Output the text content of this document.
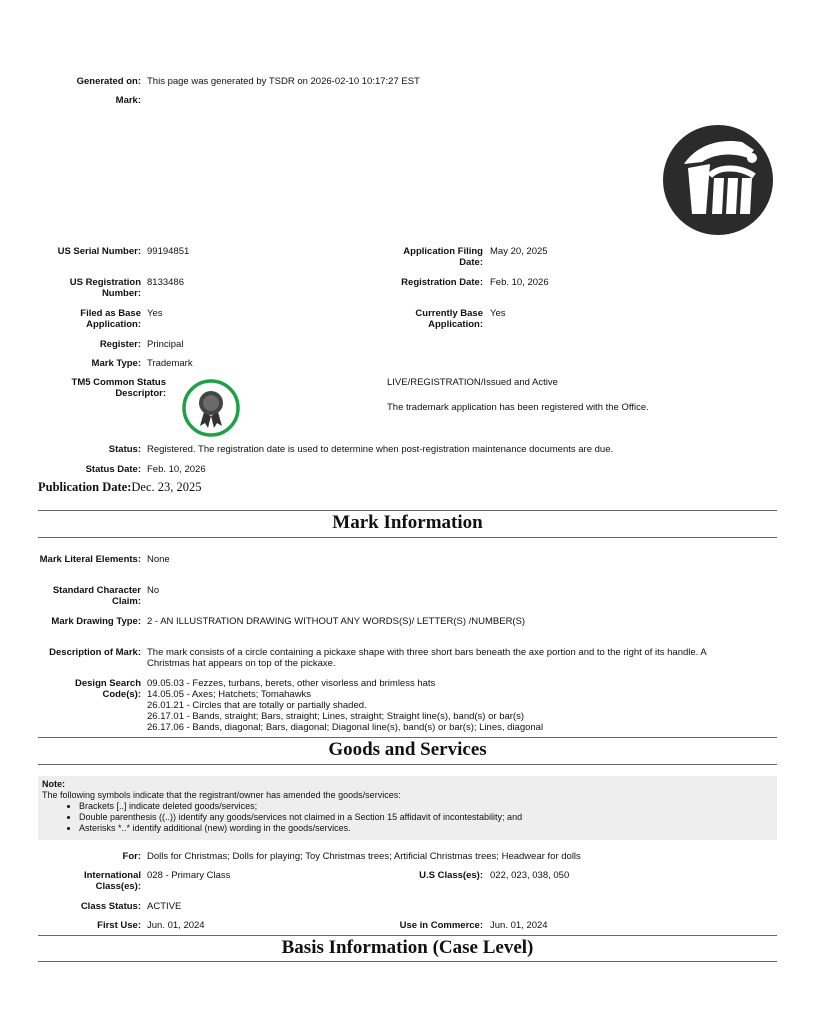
Generated on: This page was generated by TSDR on 2026-02-10 10:17:27 EST
Mark:
US Serial Number: 99194851
US Registration Number:
8133486
Filed as Base Application:
Yes
Register: Principal
Mark Type: Trademark
TM5 Common Status Descriptor:
Application Filing Date:
May 20, 2025
Registration Date: Feb. 10, 2026
Currently Base Application:
Yes
LIVE/REGISTRATION/Issued and Active
The trademark application has been registered with the Office.
Status: Registered. The registration date is used to determine when post-registration maintenance documents are due.
Status Date: Feb. 10, 2026
Publication Date:Dec. 23, 2025
Mark Information
Mark Literal Elements: None
Standard Character Claim:
No
Mark Drawing Type: 2 - AN ILLUSTRATION DRAWING WITHOUT ANY WORDS(S)/ LETTER(S) /NUMBER(S)
Description of Mark: The mark consists of a circle containing a pickaxe shape with three short bars beneath the axe portion and to the right of its handle. A Christmas hat appears on top of the pickaxe.
Design Search Code(s):
09.05.03 - Fezzes, turbans, berets, other visorless and brimless hats
14.05.05 - Axes; Hatchets; Tomahawks
26.01.21 - Circles that are totally or partially shaded.
26.17.01 - Bands, straight; Bars, straight; Lines, straight; Straight line(s), band(s) or bar(s)
26.17.06 - Bands, diagonal; Bars, diagonal; Diagonal line(s), band(s) or bar(s); Lines, diagonal
Goods and Services
Note:
The following symbols indicate that the registrant/owner has amended the goods/services:
• Brackets [..] indicate deleted goods/services;
• Double parenthesis ((..)) identify any goods/services not claimed in a Section 15 affidavit of incontestability; and
• Asterisks *..* identify additional (new) wording in the goods/services.
For: Dolls for Christmas; Dolls for playing; Toy Christmas trees; Artificial Christmas trees; Headwear for dolls
International Class(es):
028 - Primary Class	U.S Class(es): 022, 023, 038, 050
Class Status: ACTIVE
First Use: Jun. 01, 2024	Use in Commerce: Jun. 01, 2024
Basis Information (Case Level)
